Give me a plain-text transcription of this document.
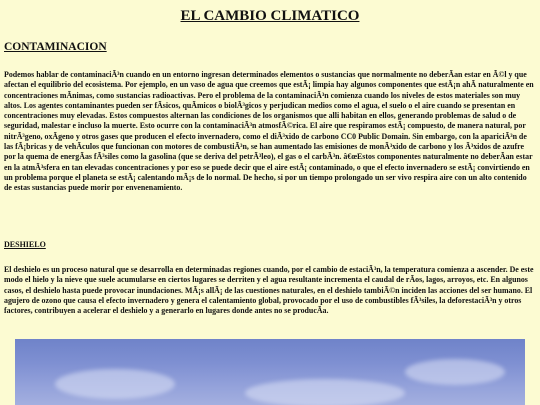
EL CAMBIO CLIMATICO
CONTAMINACION

Podemos hablar de contaminaciÃ³n cuando en un entorno ingresan determinados elementos o sustancias que normalmente no deberÃan estar en Ã©l y que afectan el equilibrio del ecosistema. Por ejemplo, en un vaso de agua que creemos que estÃ¡ limpia hay algunos componentes que estÃ¡n ahÃ naturalmente en concentraciones mÃnimas, como sustancias radioactivas. Pero el problema de la contaminaciÃ³n comienza cuando los niveles de estos materiales son muy altos. Los agentes contaminantes pueden ser fÃsicos, quÃmicos o biolÃ³gicos y perjudican medios como el agua, el suelo o el aire cuando se presentan en concentraciones muy elevadas. Estos compuestos alternan las condiciones de los organismos que alli habitan en ellos, generando problemas de salud o de seguridad, malestar e incluso la muerte. Esto ocurre con la contaminaciÃ³n atmosfÃ©rica. El aire que respiramos estÃ¡ compuesto, de manera natural, por nitrÃ³geno, oxÃgeno y otros gases que producen el efecto invernadero, como el diÃ³xido de carbono CC0 Public Domain. Sin embargo, con la apariciÃ³n de las fÃ¡bricas y de vehÃculos que funcionan con motores de combustiÃ³n, se han aumentado las emisiones de monÃ³xido de carbono y los Ã³xidos de azufre por la quema de energÃas fÃ³siles como la gasolina (que se deriva del petrÃ³leo), el gas o el carbÃ³n. â€œEstos componentes naturalmente no deberÃan estar en la atmÃ³sfera en tan elevadas concentraciones y por eso se puede decir que el aire estÃ¡ contaminado, o que el efecto invernadero se estÃ¡ convirtiendo en un problema porque el planeta se estÃ¡ calentando mÃ¡s de lo normal. De hecho, si por un tiempo prolongado un ser vivo respira aire con un alto contenido de estas sustancias puede morir por envenenamiento.

DESHIELO

El deshielo es un proceso natural que se desarrolla en determinadas regiones cuando, por el cambio de estaciÃ³n, la temperatura comienza a ascender. De este modo el hielo y la nieve que suele acumularse en ciertos lugares se derriten y el agua resultante incrementa el caudal de rÃos, lagos, arroyos, etc. En algunos casos, el deshielo hasta puede provocar inundaciones. MÃ¡s allÃ¡ de las cuestiones naturales, en el deshielo tambiÃ©n inciden las acciones del ser humano. El agujero de ozono que causa el efecto invernadero y genera el calentamiento global, provocado por el uso de combustibles fÃ³siles, la deforestaciÃ³n y otros factores, contribuyen a acelerar el deshielo y a generarlo en lugares donde antes no se producÃa.
